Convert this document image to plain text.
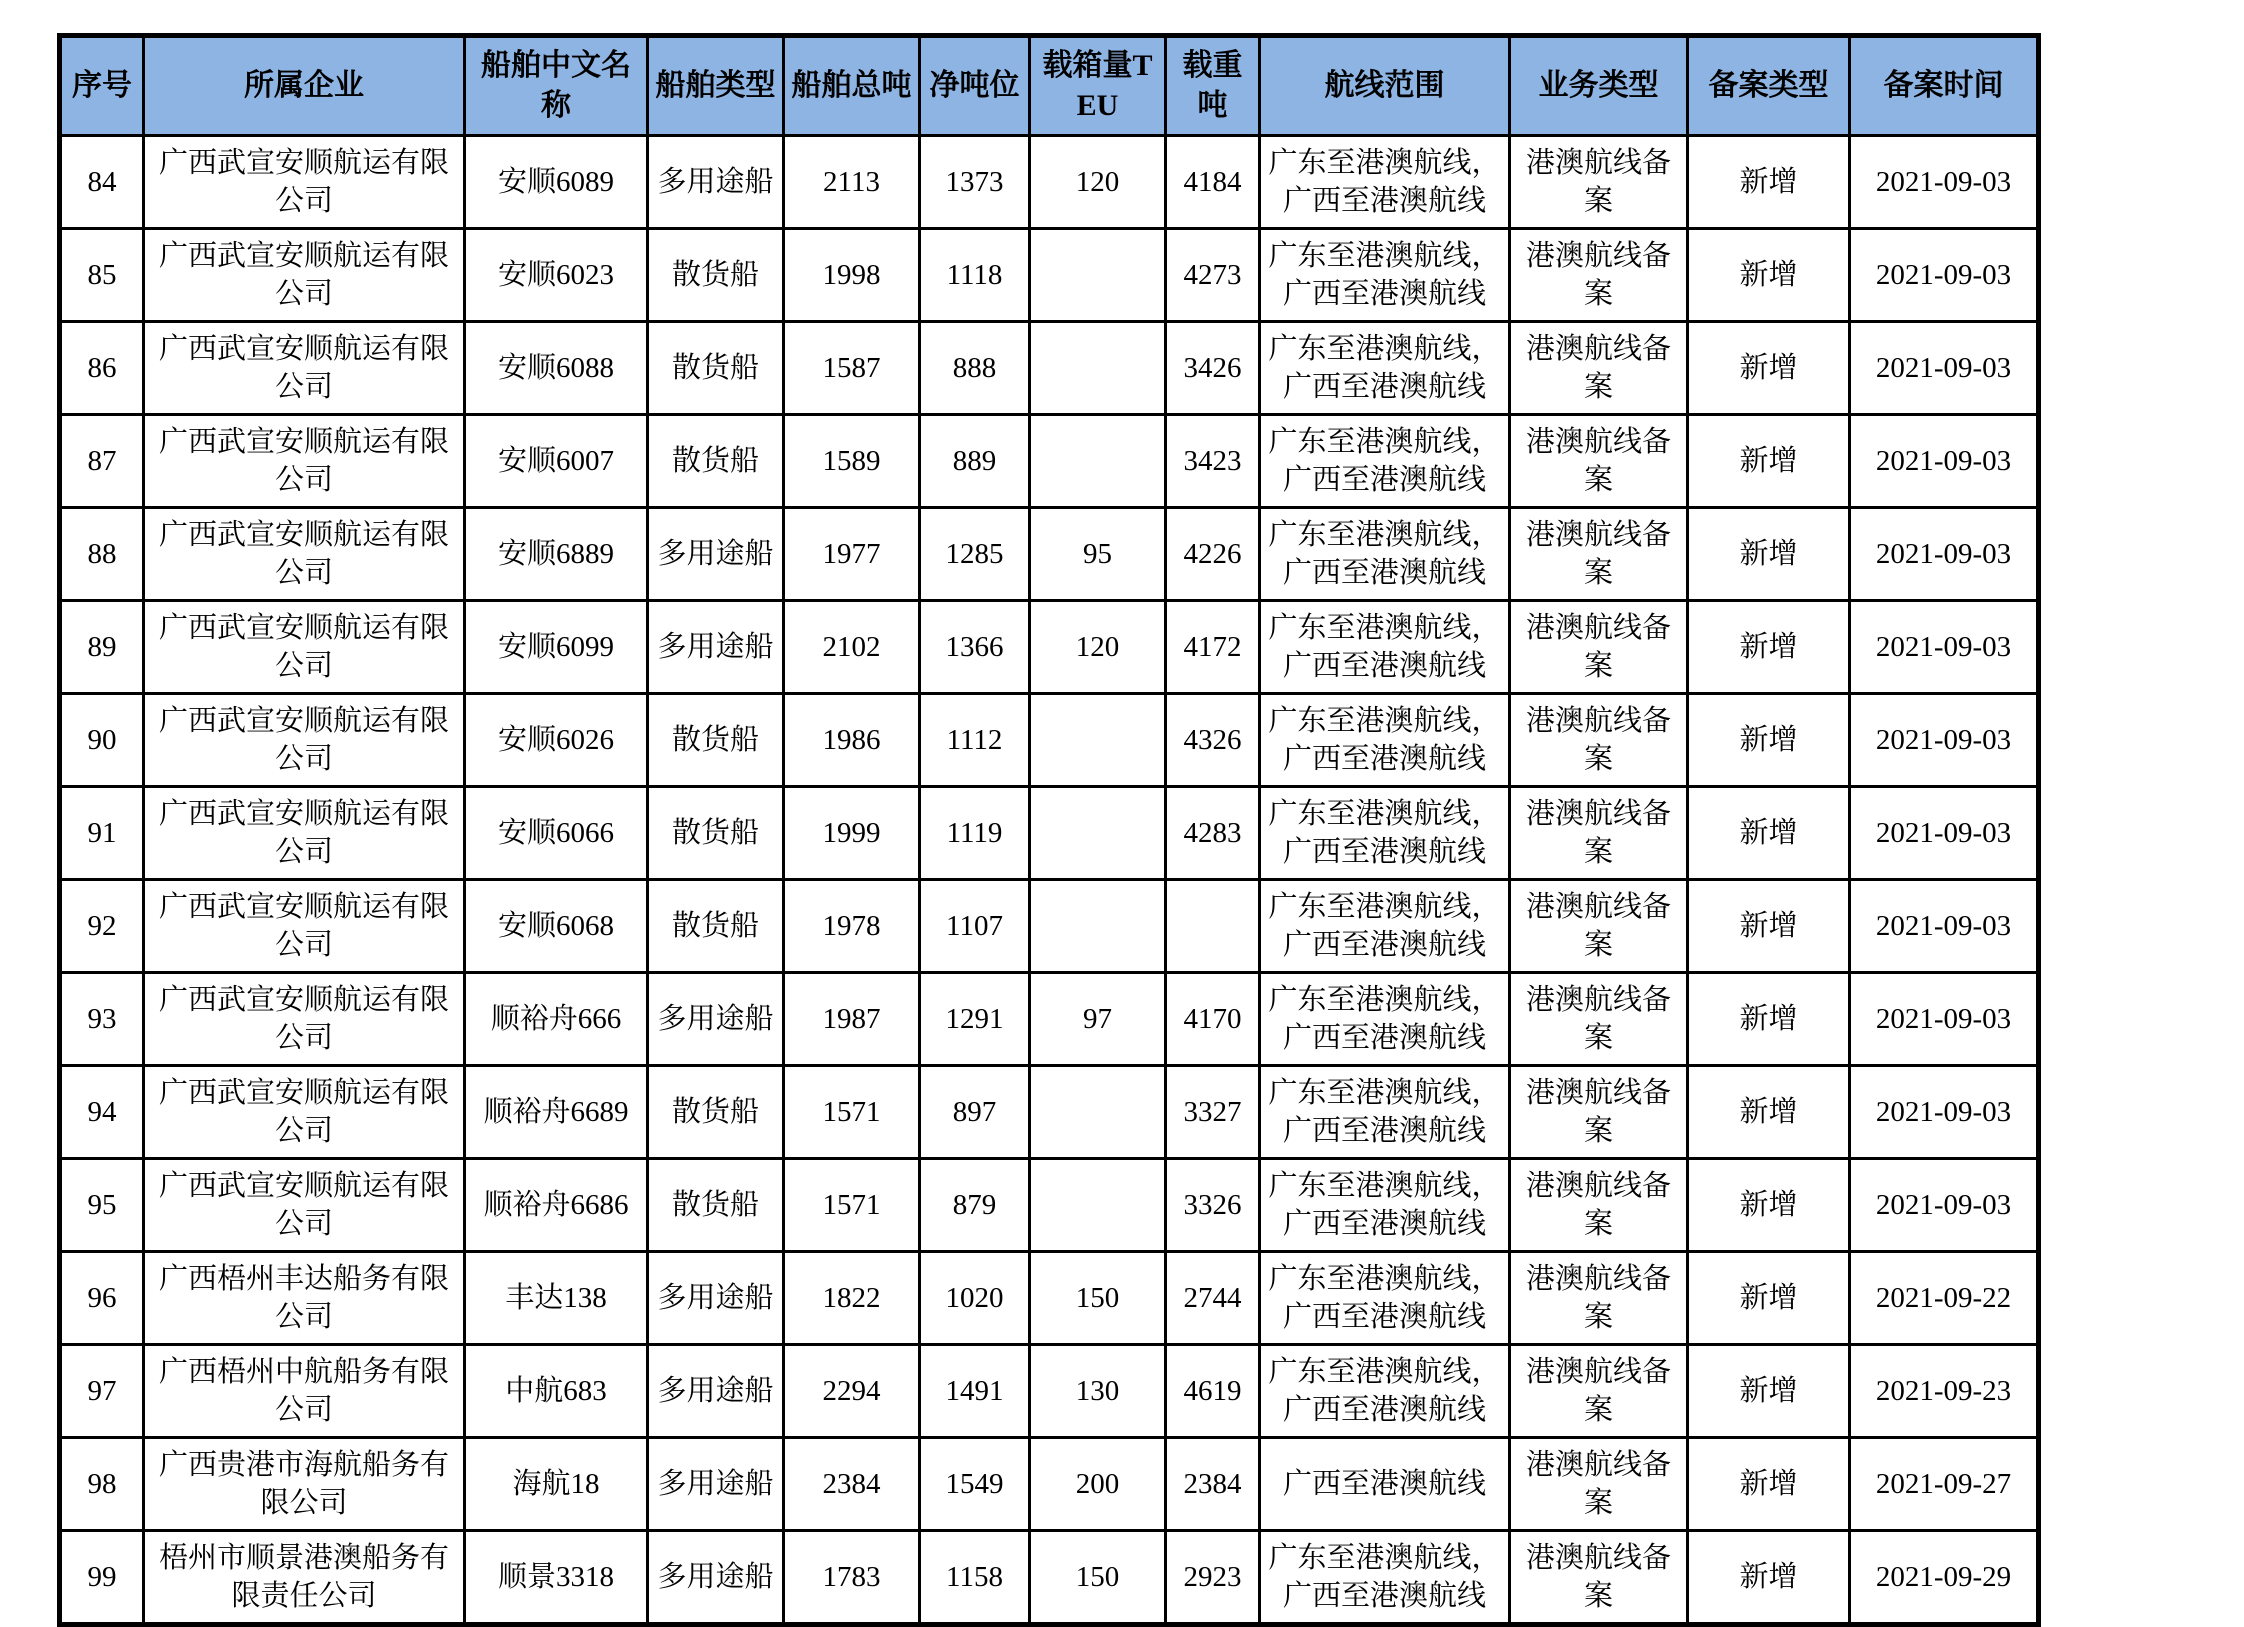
序号	所属企业	船舶中文名称	船舶类型	船舶总吨	净吨位	载箱量TEU	载重吨	航线范围	业务类型	备案类型	备案时间
84	广西武宣安顺航运有限公司	安顺6089	多用途船	2113	1373	120	4184	广东至港澳航线，广西至港澳航线	港澳航线备案	新增	2021-09-03
85	广西武宣安顺航运有限公司	安顺6023	散货船	1998	1118		4273	广东至港澳航线，广西至港澳航线	港澳航线备案	新增	2021-09-03
86	广西武宣安顺航运有限公司	安顺6088	散货船	1587	888		3426	广东至港澳航线，广西至港澳航线	港澳航线备案	新增	2021-09-03
87	广西武宣安顺航运有限公司	安顺6007	散货船	1589	889		3423	广东至港澳航线，广西至港澳航线	港澳航线备案	新增	2021-09-03
88	广西武宣安顺航运有限公司	安顺6889	多用途船	1977	1285	95	4226	广东至港澳航线，广西至港澳航线	港澳航线备案	新增	2021-09-03
89	广西武宣安顺航运有限公司	安顺6099	多用途船	2102	1366	120	4172	广东至港澳航线，广西至港澳航线	港澳航线备案	新增	2021-09-03
90	广西武宣安顺航运有限公司	安顺6026	散货船	1986	1112		4326	广东至港澳航线，广西至港澳航线	港澳航线备案	新增	2021-09-03
91	广西武宣安顺航运有限公司	安顺6066	散货船	1999	1119		4283	广东至港澳航线，广西至港澳航线	港澳航线备案	新增	2021-09-03
92	广西武宣安顺航运有限公司	安顺6068	散货船	1978	1107			广东至港澳航线，广西至港澳航线	港澳航线备案	新增	2021-09-03
93	广西武宣安顺航运有限公司	顺裕舟666	多用途船	1987	1291	97	4170	广东至港澳航线，广西至港澳航线	港澳航线备案	新增	2021-09-03
94	广西武宣安顺航运有限公司	顺裕舟6689	散货船	1571	897		3327	广东至港澳航线，广西至港澳航线	港澳航线备案	新增	2021-09-03
95	广西武宣安顺航运有限公司	顺裕舟6686	散货船	1571	879		3326	广东至港澳航线，广西至港澳航线	港澳航线备案	新增	2021-09-03
96	广西梧州丰达船务有限公司	丰达138	多用途船	1822	1020	150	2744	广东至港澳航线，广西至港澳航线	港澳航线备案	新增	2021-09-22
97	广西梧州中航船务有限公司	中航683	多用途船	2294	1491	130	4619	广东至港澳航线，广西至港澳航线	港澳航线备案	新增	2021-09-23
98	广西贵港市海航船务有限公司	海航18	多用途船	2384	1549	200	2384	广西至港澳航线	港澳航线备案	新增	2021-09-27
99	梧州市顺景港澳船务有限责任公司	顺景3318	多用途船	1783	1158	150	2923	广东至港澳航线，广西至港澳航线	港澳航线备案	新增	2021-09-29
